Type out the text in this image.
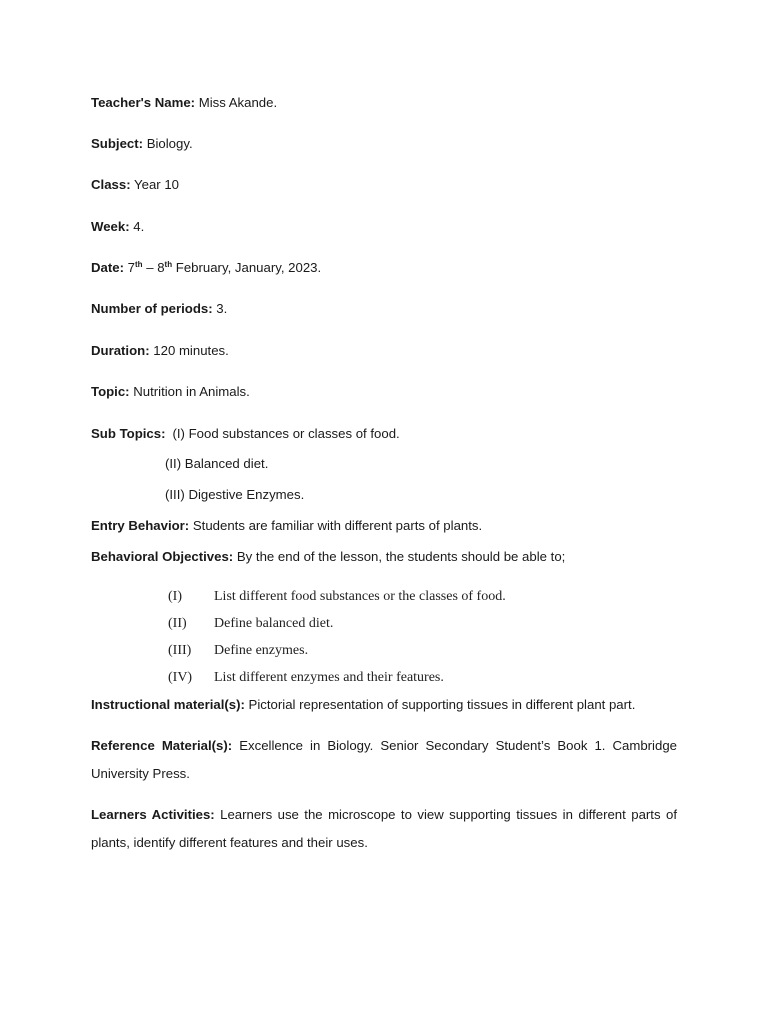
Teacher's Name: Miss Akande.
Subject: Biology.
Class: Year 10
Week: 4.
Date: 7th – 8th February, January, 2023.
Number of periods: 3.
Duration: 120 minutes.
Topic: Nutrition in Animals.
Sub Topics: (I) Food substances or classes of food.
(II) Balanced diet.
(III) Digestive Enzymes.
Entry Behavior: Students are familiar with different parts of plants.
Behavioral Objectives: By the end of the lesson, the students should be able to;
(I) List different food substances or the classes of food.
(II) Define balanced diet.
(III) Define enzymes.
(IV) List different enzymes and their features.
Instructional material(s): Pictorial representation of supporting tissues in different plant part.
Reference Material(s): Excellence in Biology. Senior Secondary Student’s Book 1. Cambridge University Press.
Learners Activities: Learners use the microscope to view supporting tissues in different parts of plants, identify different features and their uses.
